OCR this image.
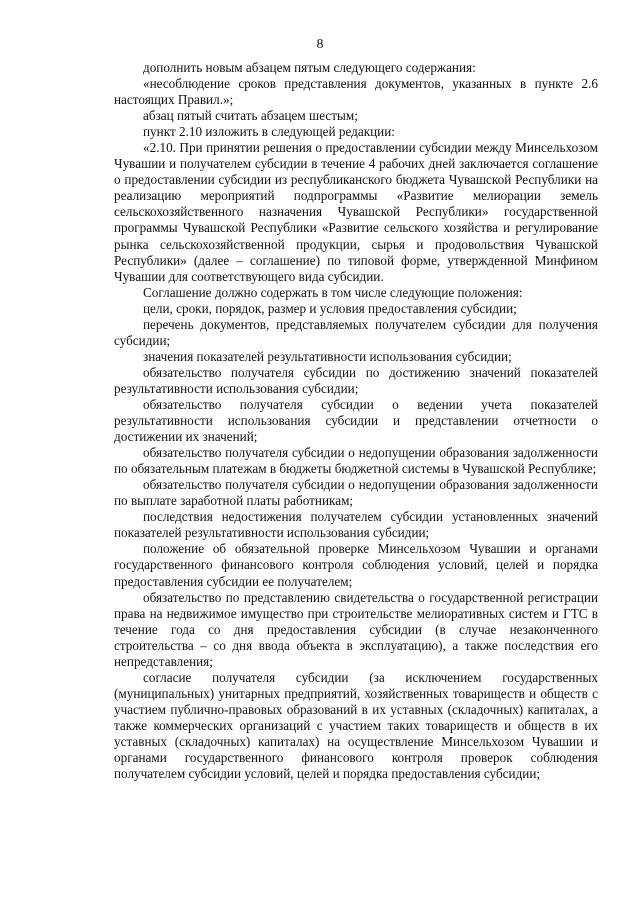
8

дополнить новым абзацем пятым следующего содержания:

«несоблюдение сроков представления документов, указанных в пункте 2.6 настоящих Правил.»;

абзац пятый считать абзацем шестым;

пункт 2.10 изложить в следующей редакции:

«2.10. При принятии решения о предоставлении субсидии между Минсельхозом Чувашии и получателем субсидии в течение 4 рабочих дней заключается соглашение о предоставлении субсидии из республиканского бюджета Чувашской Республики на реализацию мероприятий подпрограммы «Развитие мелиорации земель сельскохозяйственного назначения Чувашской Республики» государственной программы Чувашской Республики «Развитие сельского хозяйства и регулирование рынка сельскохозяйственной продукции, сырья и продовольствия Чувашской Республики» (далее – соглашение) по типовой форме, утвержденной Минфином Чувашии для соответствующего вида субсидии.

Соглашение должно содержать в том числе следующие положения:

цели, сроки, порядок, размер и условия предоставления субсидии;

перечень документов, представляемых получателем субсидии для получения субсидии;

значения показателей результативности использования субсидии;

обязательство получателя субсидии по достижению значений показателей результативности использования субсидии;

обязательство получателя субсидии о ведении учета показателей результативности использования субсидии и представлении отчетности о достижении их значений;

обязательство получателя субсидии о недопущении образования задолженности по обязательным платежам в бюджеты бюджетной системы в Чувашской Республике;

обязательство получателя субсидии о недопущении образования задолженности по выплате заработной платы работникам;

последствия недостижения получателем субсидии установленных значений показателей результативности использования субсидии;

положение об обязательной проверке Минсельхозом Чувашии и органами государственного финансового контроля соблюдения условий, целей и порядка предоставления субсидии ее получателем;

обязательство по представлению свидетельства о государственной регистрации права на недвижимое имущество при строительстве мелиоративных систем и ГТС в течение года со дня предоставления субсидии (в случае незаконченного строительства – со дня ввода объекта в эксплуатацию), а также последствия его непредставления;

согласие получателя субсидии (за исключением государственных (муниципальных) унитарных предприятий, хозяйственных товариществ и обществ с участием публично-правовых образований в их уставных (складочных) капиталах, а также коммерческих организаций с участием таких товариществ и обществ в их уставных (складочных) капиталах) на осуществление Минсельхозом Чувашии и органами государственного финансового контроля проверок соблюдения получателем субсидии условий, целей и порядка предоставления субсидии;
